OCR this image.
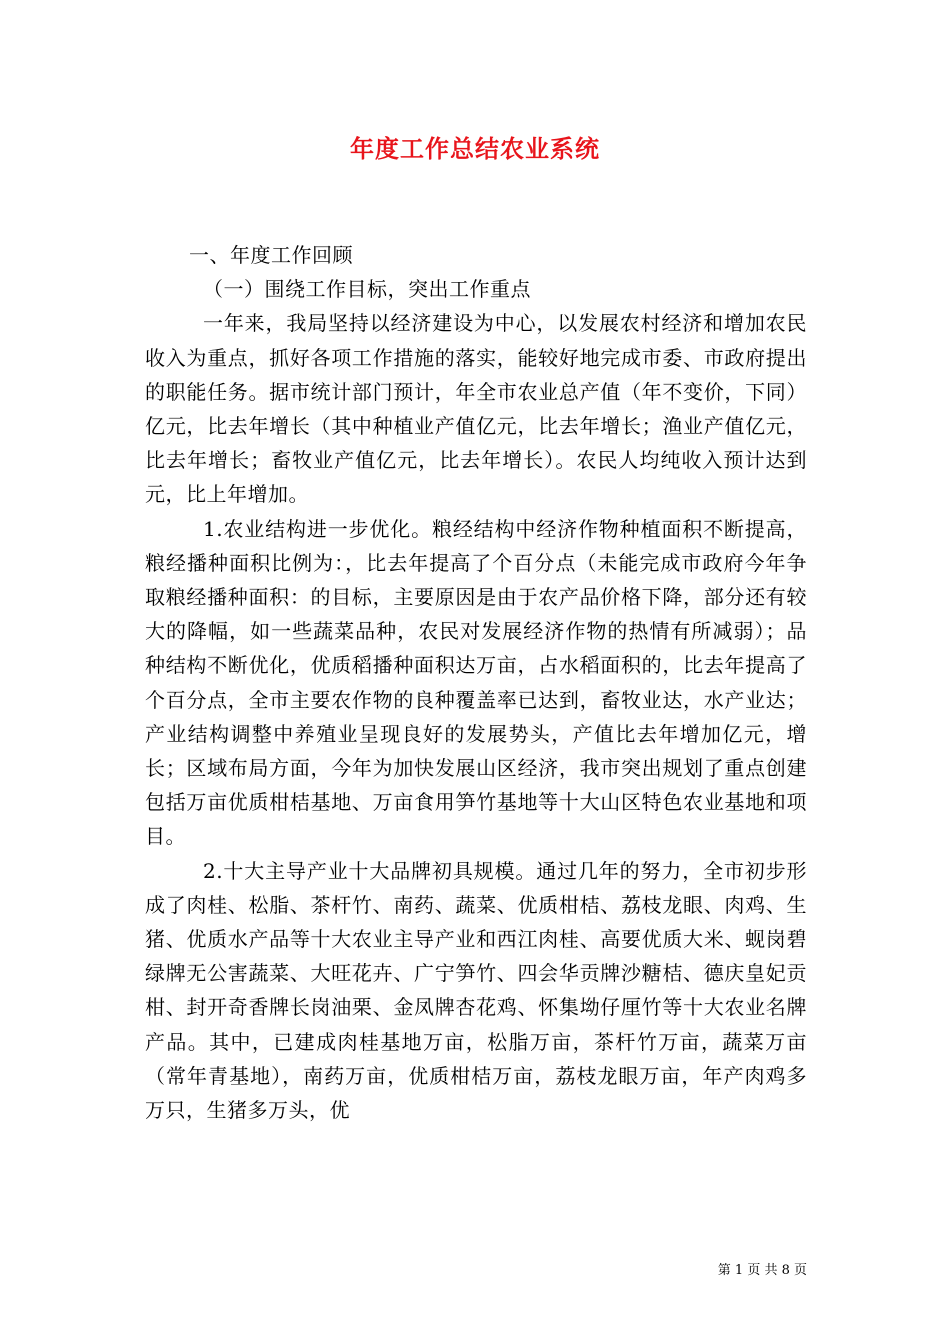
年度工作总结农业系统

一、年度工作回顾

（一）围绕工作目标，突出工作重点

一年来，我局坚持以经济建设为中心，以发展农村经济和增加农民收入为重点，抓好各项工作措施的落实，能较好地完成市委、市政府提出的职能任务。据市统计部门预计，年全市农业总产值（年不变价，下同）亿元，比去年增长（其中种植业产值亿元，比去年增长；渔业产值亿元，比去年增长；畜牧业产值亿元，比去年增长）。农民人均纯收入预计达到元，比上年增加。

1.农业结构进一步优化。粮经结构中经济作物种植面积不断提高，粮经播种面积比例为：，比去年提高了个百分点（未能完成市政府今年争取粮经播种面积：的目标，主要原因是由于农产品价格下降，部分还有较大的降幅，如一些蔬菜品种，农民对发展经济作物的热情有所减弱）；品种结构不断优化，优质稻播种面积达万亩，占水稻面积的，比去年提高了个百分点，全市主要农作物的良种覆盖率已达到，畜牧业达，水产业达；产业结构调整中养殖业呈现良好的发展势头，产值比去年增加亿元，增长；区域布局方面，今年为加快发展山区经济，我市突出规划了重点创建包括万亩优质柑桔基地、万亩食用笋竹基地等十大山区特色农业基地和项目。

2.十大主导产业十大品牌初具规模。通过几年的努力，全市初步形成了肉桂、松脂、茶杆竹、南药、蔬菜、优质柑桔、荔枝龙眼、肉鸡、生猪、优质水产品等十大农业主导产业和西江肉桂、高要优质大米、蚬岗碧绿牌无公害蔬菜、大旺花卉、广宁笋竹、四会华贡牌沙糖桔、德庆皇妃贡柑、封开奇香牌长岗油栗、金凤牌杏花鸡、怀集坳仔厘竹等十大农业名牌产品。其中，已建成肉桂基地万亩，松脂万亩，茶杆竹万亩，蔬菜万亩（常年青基地），南药万亩，优质柑桔万亩，荔枝龙眼万亩，年产肉鸡多万只，生猪多万头，优

第 1 页 共 8 页
